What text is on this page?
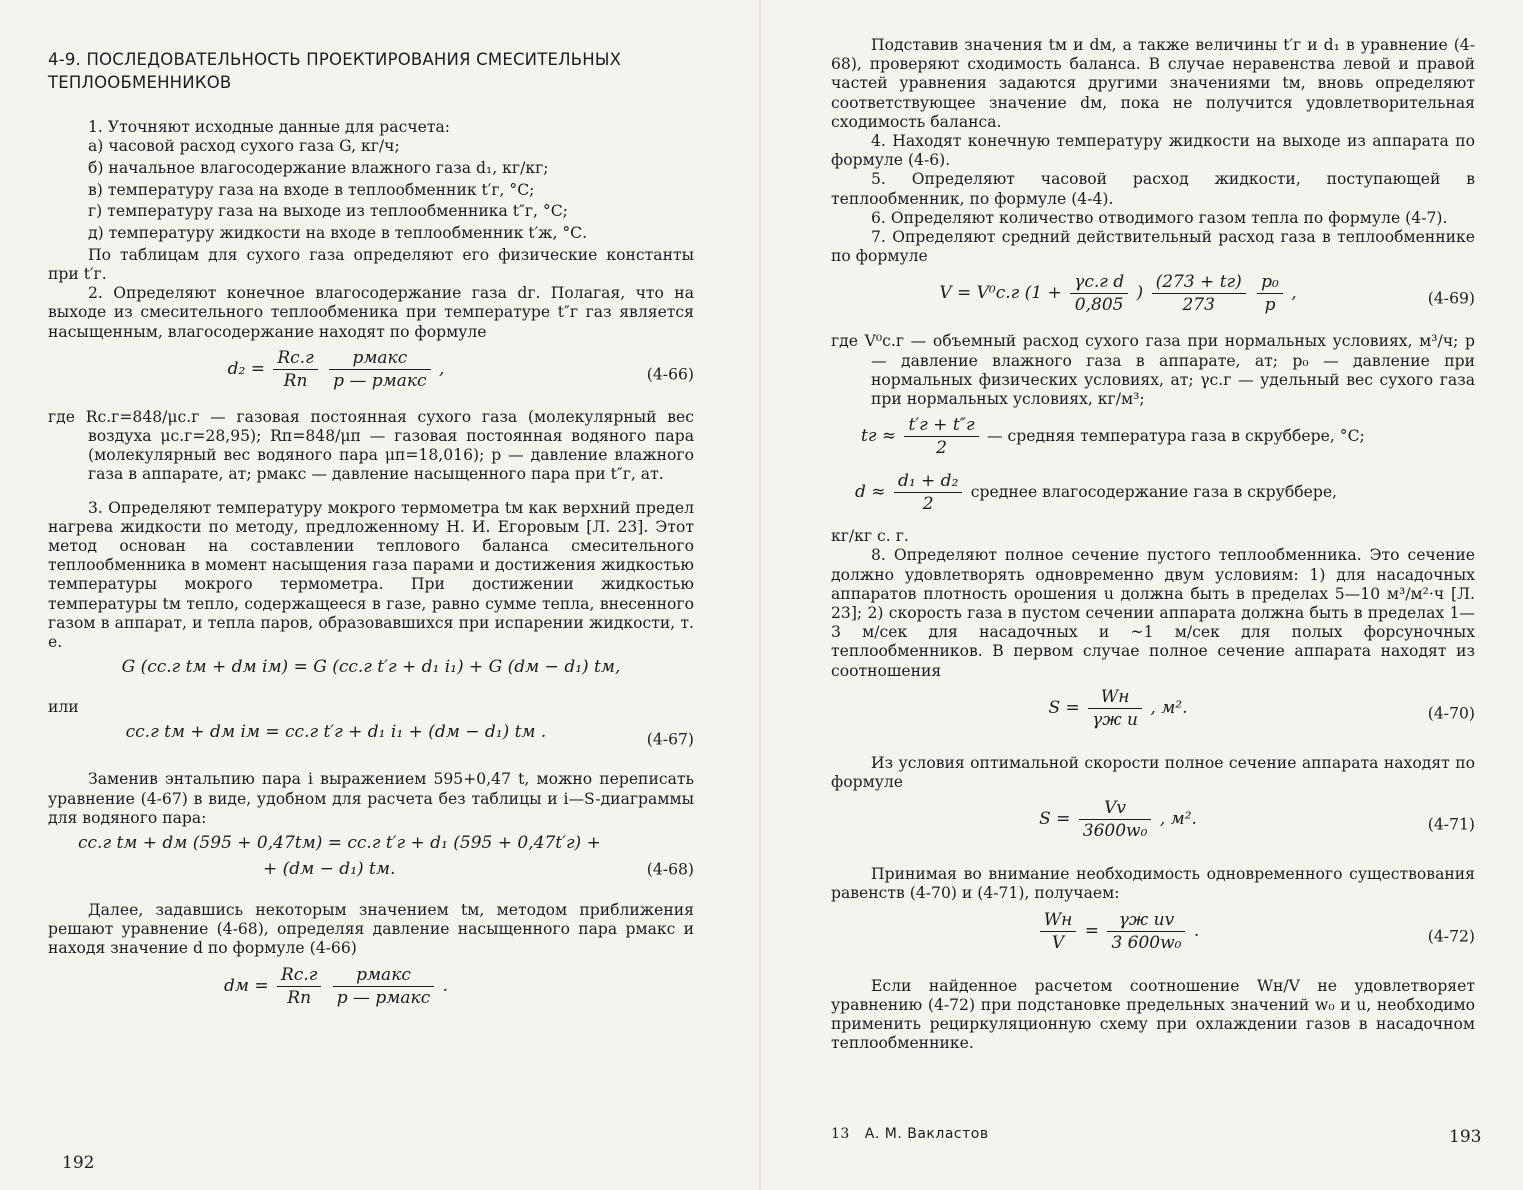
4-9. ПОСЛЕДОВАТЕЛЬНОСТЬ ПРОЕКТИРОВАНИЯ СМЕСИТЕЛЬНЫХ ТЕПЛООБМЕННИКОВ

1. Уточняют исходные данные для расчета:

а) часовой расход сухого газа G, кг/ч;

б) начальное влагосодержание влажного газа d₁, кг/кг;

в) температуру газа на входе в теплообменник t′г, °С;

г) температуру газа на выходе из теплообменника t″г, °С;

д) температуру жидкости на входе в теплообменник t′ж, °С.

По таблицам для сухого газа определяют его физические константы при t′г.

2. Определяют конечное влагосодержание газа dг. Полагая, что на выходе из смесительного теплообменика при температуре t″г газ является насыщенным, влагосодержание находят по формуле

$d_2 = \frac{Rс.г}{Rп}$
$\frac{\text{pмакс}}{\text{p — pмакс}}$ ,	(4-66)

где Rс.г=848/μс.г — газовая постоянная сухого газа (молекулярный вес воздуха μс.г=28,95); Rп=848/μп — газовая постоянная водяного пара (молекулярный вес водяного пара μп=18,016); p — давление влажного газа в аппарате, ат; pмакс — давление насыщенного пара при t″г, ат.

3. Определяют температуру мокрого термометра tм как верхний предел нагрева жидкости по методу, предложенному Н. И. Егоровым [Л. 23]. Этот метод основан на составлении теплового баланса смесительного теплообменника в момент насыщения газа парами и достижения жидкостью температуры мокрого термометра. При достижении жидкостью температуры tм тепло, содержащееся в газе, равно сумме тепла, внесенного газом в аппарат, и тепла паров, образовавшихся при испарении жидкости, т. е.

G (cс.г tм + dм iм) = G (cс.г t′г + d₁ i₁) + G (dм − d₁) tм,

или

cс.г tм + dм iм = cс.г t′г + d₁ i₁ + (dм − d₁) tм .	(4-67)

Заменив энтальпию пара i выражением 595+0,47 t, можно переписать уравнение (4-67) в виде, удобном для расчета без таблицы и i—S-диаграммы для водяного пара:

cс.г tм + dм (595 + 0,47tм) = cс.г t′г + d₁ (595 + 0,47t′г) +
+ (dм − d₁) tм.	(4-68)

Далее, задавшись некоторым значением tм, методом приближения решают уравнение (4-68), определяя давление насыщенного пара pмакс и находя значение d по формуле (4-66)

dм = $\frac{Rс.г}{Rп}$
$\frac{\text{pмакс}}{\text{p — pмакс}}$ .
192

Подставив значения tм и dм, а также величины t′г и d₁ в уравнение (4-68), проверяют сходимость баланса. В случае неравенства левой и правой частей уравнения задаются другими значениями tм, вновь определяют соответствующее значение dм, пока не получится удовлетворительная сходимость баланса.

4. Находят конечную температуру жидкости на выходе из аппарата по формуле (4-6).

5. Определяют часовой расход жидкости, поступающей в теплообменник, по формуле (4-4).

6. Определяют количество отводимого газом тепла по формуле (4-7).

7. Определяют средний действительный расход газа в теплообменнике по формуле

V = V⁰с.г ($1 + \frac{\text{γс.г d}}{0,805}$ ) $\frac{(273 + tг)}{273}$
$\frac{\text{p₀}}{p}$ ,	(4-69)

где V⁰с.г — объемный расход сухого газа при нормальных условиях, м³/ч; p — давление влажного газа в аппарате, ат; p₀ — давление при нормальных физических условиях, ат; γс.г — удельный вес сухого газа при нормальных условиях, кг/м³;

tг ≈ $\frac{t'г + t''г}{2}$ — средняя температура газа в скруббере, °С;
$d \approx \frac{\text{d₁ + d₂}}{2}$ среднее влагосодержание газа в скруббере,

кг/кг с. г.

8. Определяют полное сечение пустого теплообменника. Это сечение должно удовлетворять одновременно двум условиям: 1) для насадочных аппаратов плотность орошения u должна быть в пределах 5—10 м³/м²·ч [Л. 23]; 2) скорость газа в пустом сечении аппарата должна быть в пределах 1—3 м/сек для насадочных и ~1 м/сек для полых форсуночных теплообменников. В первом случае полное сечение аппарата находят из соотношения

$S = \frac{Wн}{\text{γж u}}$ , м².	(4-70)

Из условия оптимальной скорости полное сечение аппарата находят по формуле

$S = \frac{Vv}{\text{3600w₀}}$ , м².	(4-71)

Принимая во внимание необходимость одновременного существования равенств (4-70) и (4-71), получаем:

$\frac{Wн}{V} = \frac{\text{γж uv}}{\text{3 600w₀}}$ .	(4-72)

Если найденное расчетом соотношение Wн/V не удовлетворяет уравнению (4-72) при подстановке предельных значений w₀ и u, необходимо применить рециркуляционную схему при охлаждении газов в насадочном теплообменнике.

13 А. М. Вакластов	193
